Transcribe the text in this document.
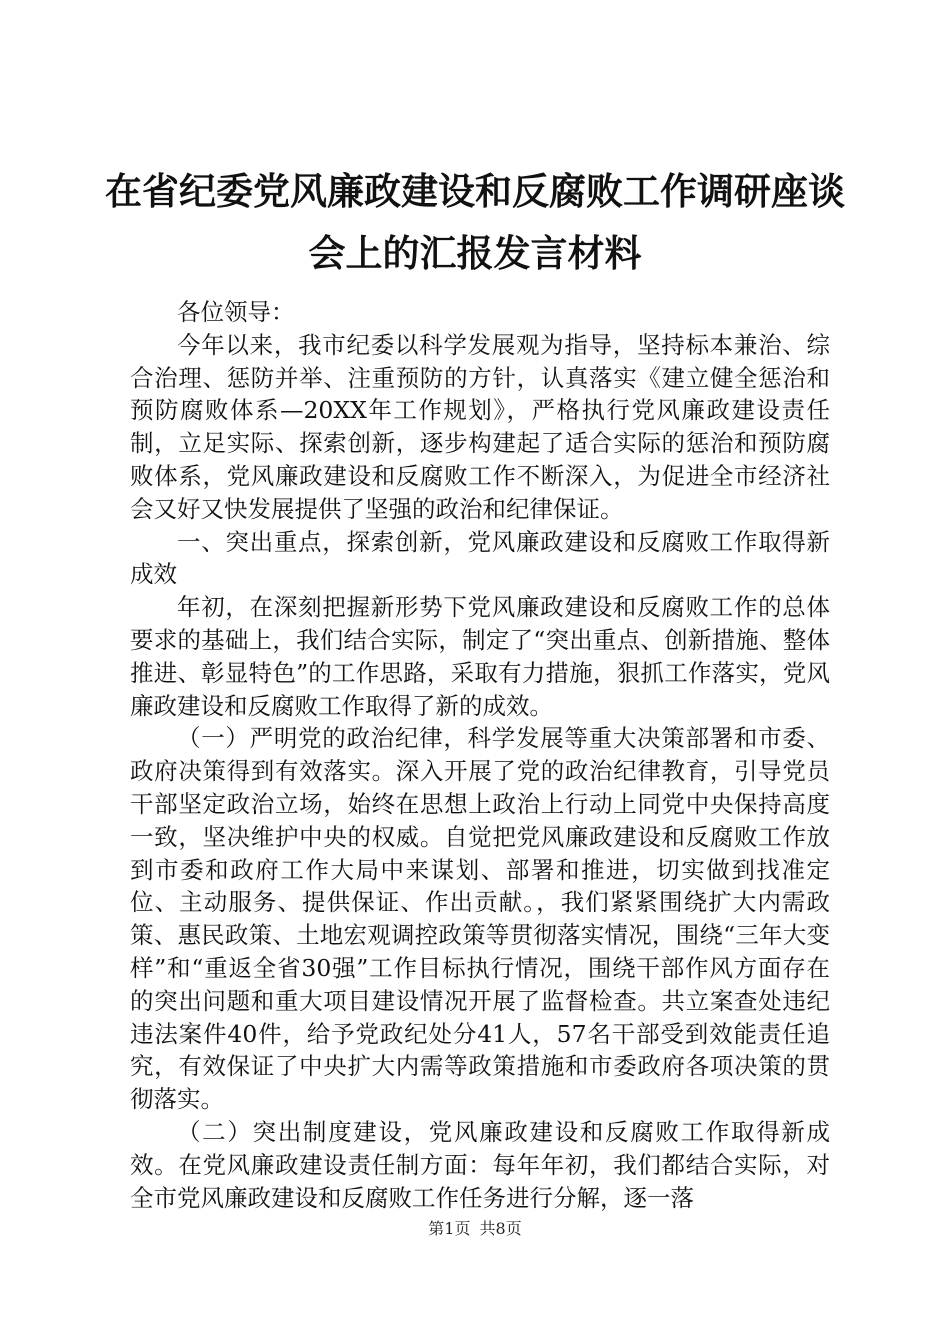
在省纪委党风廉政建设和反腐败工作调研座谈
会上的汇报发言材料

各位领导：

今年以来，我市纪委以科学发展观为指导，坚持标本兼治、综合治理、惩防并举、注重预防的方针，认真落实《建立健全惩治和预防腐败体系—20XX年工作规划》，严格执行党风廉政建设责任制，立足实际、探索创新，逐步构建起了适合实际的惩治和预防腐败体系，党风廉政建设和反腐败工作不断深入，为促进全市经济社会又好又快发展提供了坚强的政治和纪律保证。

一、突出重点，探索创新，党风廉政建设和反腐败工作取得新成效

年初，在深刻把握新形势下党风廉政建设和反腐败工作的总体要求的基础上，我们结合实际，制定了“突出重点、创新措施、整体推进、彰显特色”的工作思路，采取有力措施，狠抓工作落实，党风廉政建设和反腐败工作取得了新的成效。

（一）严明党的政治纪律，科学发展等重大决策部署和市委、政府决策得到有效落实。深入开展了党的政治纪律教育，引导党员干部坚定政治立场，始终在思想上政治上行动上同党中央保持高度一致，坚决维护中央的权威。自觉把党风廉政建设和反腐败工作放到市委和政府工作大局中来谋划、部署和推进，切实做到找准定位、主动服务、提供保证、作出贡献。，我们紧紧围绕扩大内需政策、惠民政策、土地宏观调控政策等贯彻落实情况，围绕“三年大变样”和“重返全省30强”工作目标执行情况，围绕干部作风方面存在的突出问题和重大项目建设情况开展了监督检查。共立案查处违纪违法案件40件，给予党政纪处分41人，57名干部受到效能责任追究，有效保证了中央扩大内需等政策措施和市委政府各项决策的贯彻落实。

（二）突出制度建设，党风廉政建设和反腐败工作取得新成效。在党风廉政建设责任制方面：每年年初，我们都结合实际，对全市党风廉政建设和反腐败工作任务进行分解，逐一落

第1页 共8页
